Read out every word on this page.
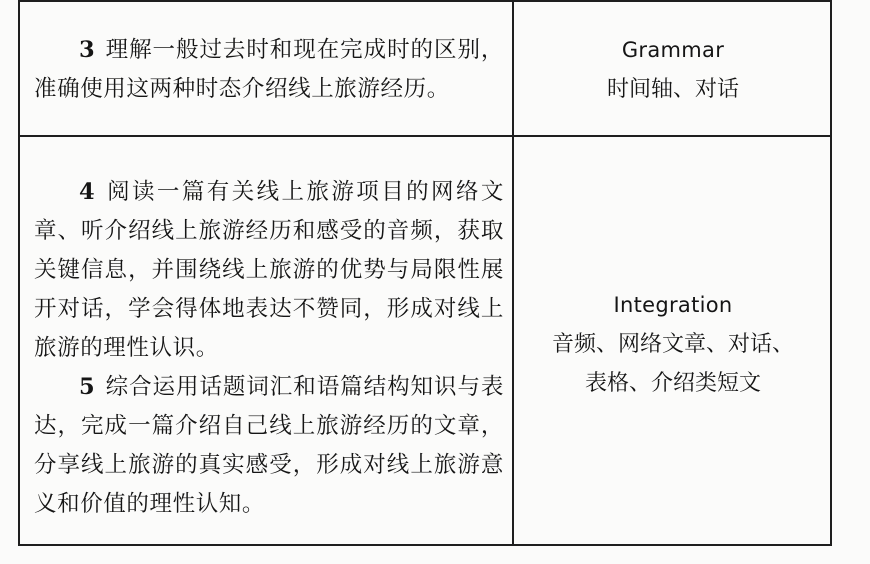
3 理解一般过去时和现在完成时的区别，准确使用这两种时态介绍线上旅游经历。

Grammar
时间轴、对话

4 阅读一篇有关线上旅游项目的网络文章、听介绍线上旅游经历和感受的音频，获取关键信息，并围绕线上旅游的优势与局限性展开对话，学会得体地表达不赞同，形成对线上旅游的理性认识。

5 综合运用话题词汇和语篇结构知识与表达，完成一篇介绍自己线上旅游经历的文章，分享线上旅游的真实感受，形成对线上旅游意义和价值的理性认知。

Integration
音频、网络文章、对话、
表格、介绍类短文
